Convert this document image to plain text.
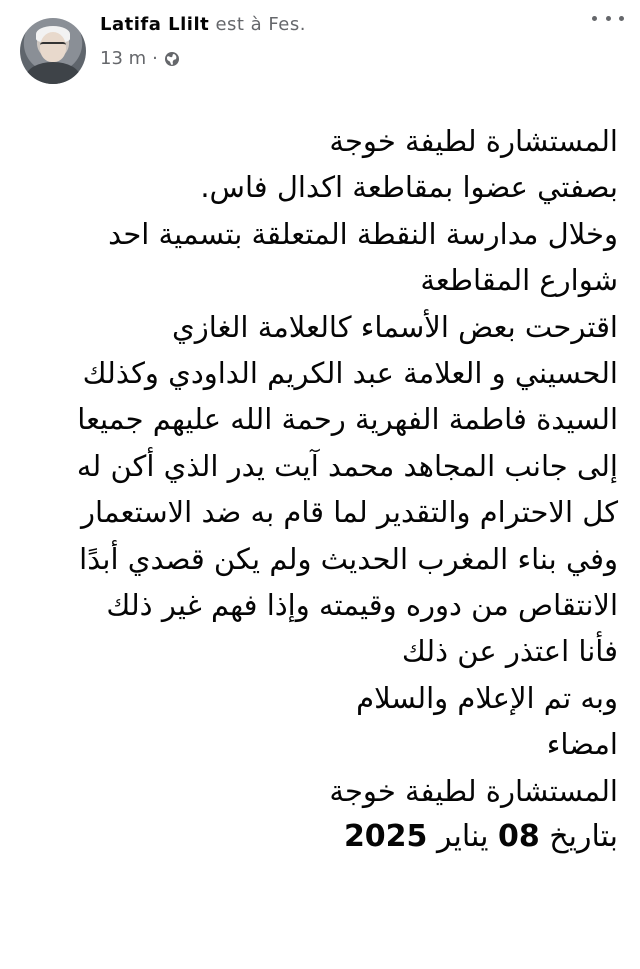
Latifa Llilt est à Fes.
13 m ·

المستشارة لطيفة خوجة

بصفتي عضوا بمقاطعة اكدال فاس.

وخلال مدارسة النقطة المتعلقة بتسمية احد

شوارع المقاطعة

اقترحت بعض الأسماء كالعلامة الغازي

الحسيني و العلامة عبد الكريم الداودي وكذلك

السيدة فاطمة الفهرية رحمة الله عليهم جميعا

إلى جانب المجاهد محمد آيت يدر الذي أكن له

كل الاحترام والتقدير لما قام به ضد الاستعمار

وفي بناء المغرب الحديث ولم يكن قصدي أبدًا

الانتقاص من دوره وقيمته وإذا فهم غير ذلك

فأنا اعتذر عن ذلك

وبه تم الإعلام والسلام

امضاء

المستشارة لطيفة خوجة

بتاريخ 08 يناير 2025
